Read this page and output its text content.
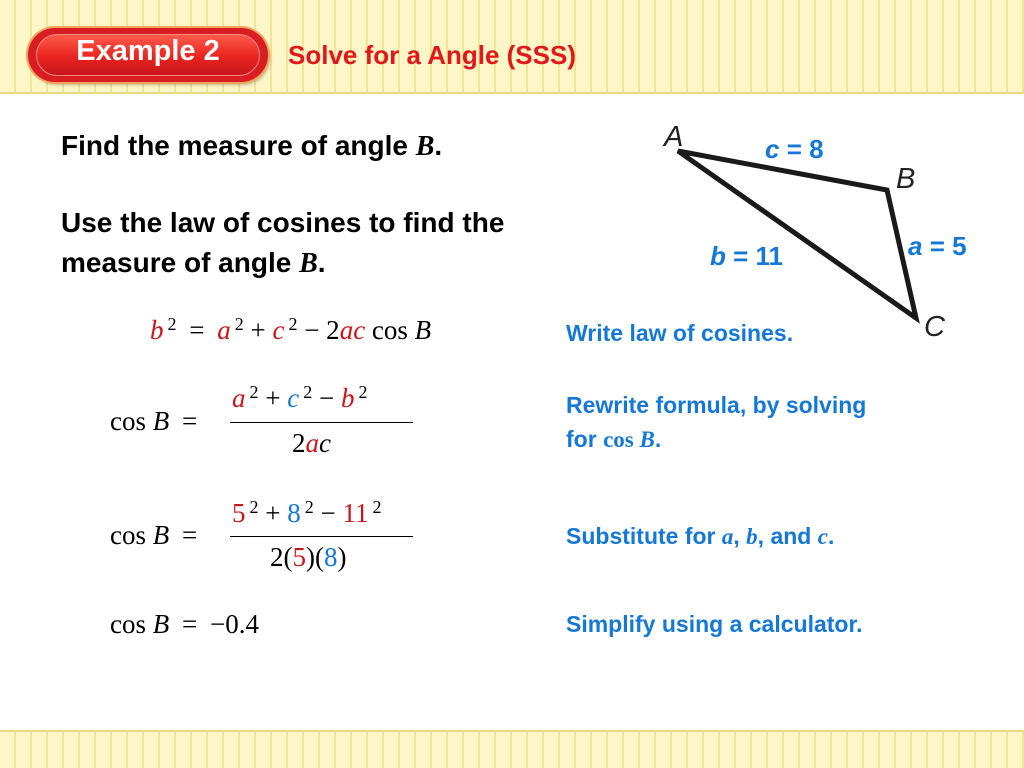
Example 2	Solve for a Angle (SSS)
Find the measure of angle B.
Use the law of cosines to find the
measure of angle B.
A
B
C
c = 8
a = 5
b = 11
b $^2$ = a $^2$ + c $^2$ − 2ac cos B	Write law of cosines.
cos B =
a $^2$ + c $^2$ − b $^2$
2ac
Rewrite formula, by solving
for cos B.
cos B =
5 $^2$ + 8 $^2$ − 11 $^2$
2(5)(8)
Substitute for a, b, and c.
cos B = −0.4	Simplify using a calculator.
